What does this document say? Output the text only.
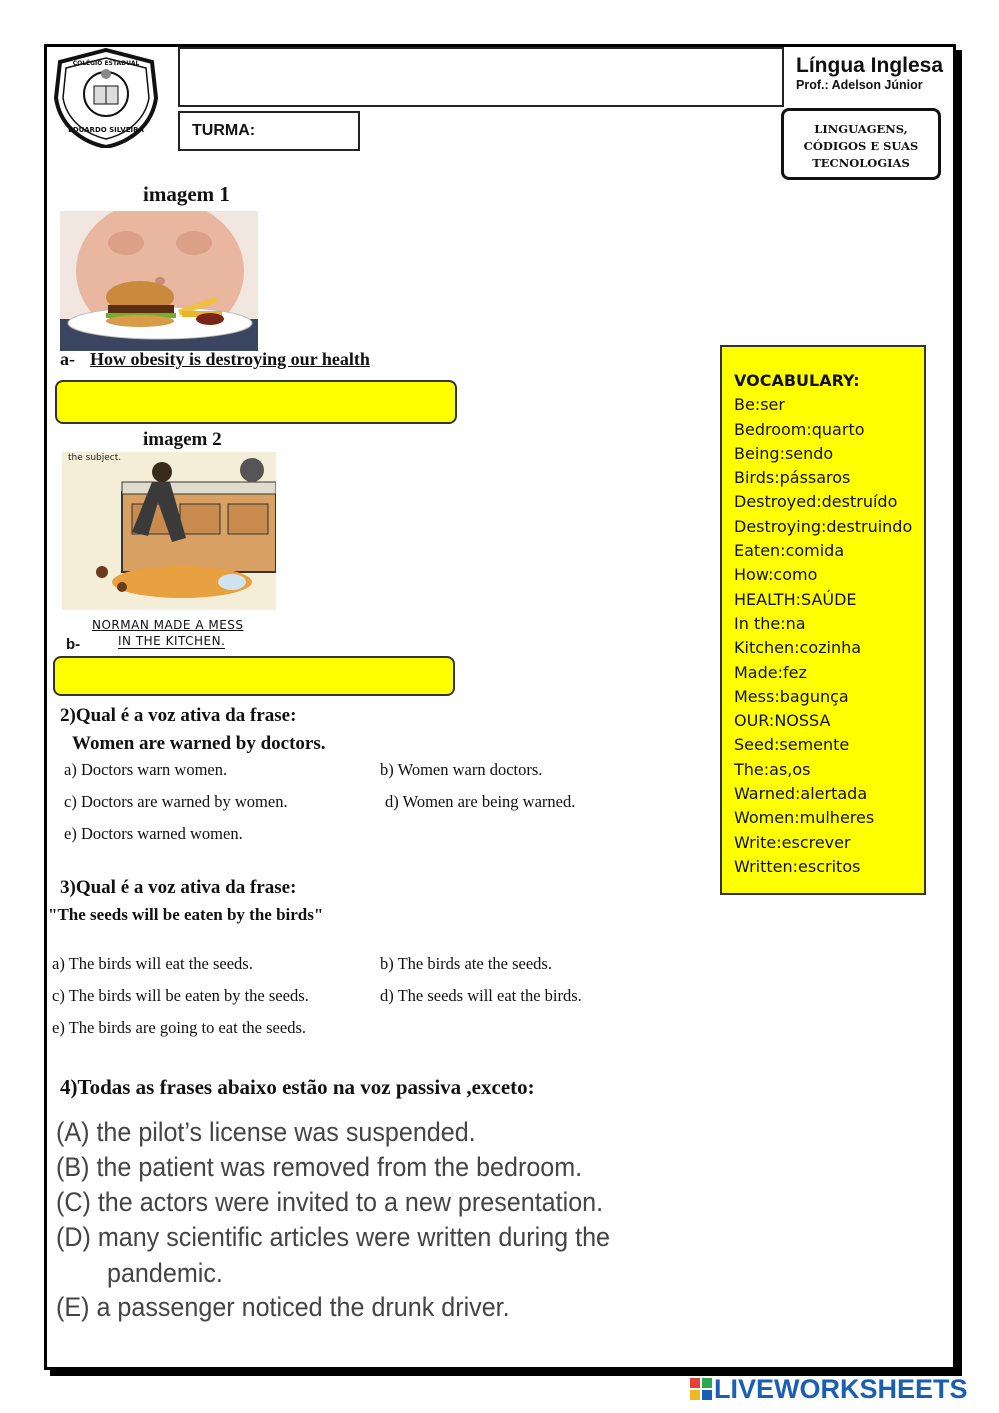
EDUARDO SILVEIRA
COLÉGIO ESTADUAL
TURMA:
Língua Inglesa
Prof.: Adelson Júnior
LINGUAGENS,
CÓDIGOS E SUAS
TECNOLOGIAS
imagem 1
a- How obesity is destroying our health
imagem 2
the subject.
NORMAN MADE A MESS
IN THE KITCHEN.
b-
VOCABULARY:
Be:ser
Bedroom:quarto
Being:sendo
Birds:pássaros
Destroyed:destruído
Destroying:destruindo
Eaten:comida
How:como
HEALTH:SAÚDE
In the:na
Kitchen:cozinha
Made:fez
Mess:bagunça
OUR:NOSSA
Seed:semente
The:as,os
Warned:alertada
Women:mulheres
Write:escrever
Written:escritos
2)Qual é a voz ativa da frase:
Women are warned by doctors.
a) Doctors warn women.	b) Women warn doctors.
c) Doctors are warned by women.	d) Women are being warned.
e) Doctors warned women.
3)Qual é a voz ativa da frase:
"The seeds will be eaten by the birds"
a) The birds will eat the seeds.	b) The birds ate the seeds.
c) The birds will be eaten by the seeds.	d) The seeds will eat the birds.
e) The birds are going to eat the seeds.
4)Todas as frases abaixo estão na voz passiva ,exceto:
(A) the pilot’s license was suspended.
(B) the patient was removed from the bedroom.
(C) the actors were invited to a new presentation.
(D) many scientific articles were written during the
pandemic.
(E) a passenger noticed the drunk driver.
LIVEWORKSHEETS
